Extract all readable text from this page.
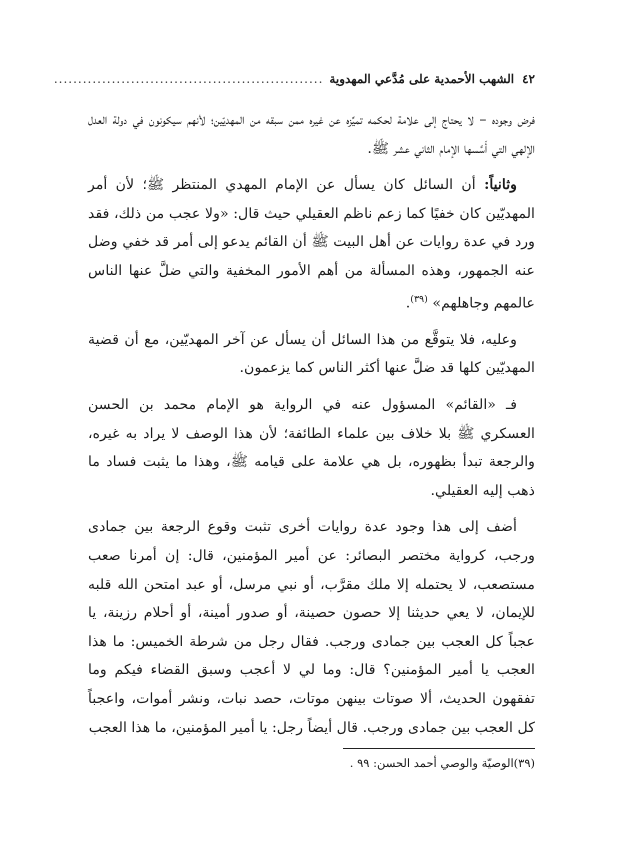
٤٢
الشهب الأحمدية على مُدَّعي المهدوية
........................................................

فرض وجوده – لا يحتاج إلى علامة لحكمه تميِّزه عن غيره ممن سبقه من المهديّين؛ لأنهم سيكونون في دولة العدل الإلهي التي أَسَّسها الإمام الثاني عشر ﷺ.

وثانياً: أن السائل كان يسأل عن الإمام المهدي المنتظر ﷺ؛ لأن أمر المهديّين كان خفيًا كما زعم ناظم العقيلي حيث قال: «ولا عجب من ذلك، فقد ورد في عدة روايات عن أهل البيت ﷺ أن القائم يدعو إلى أمر قد خفي وضل عنه الجمهور، وهذه المسألة من أهم الأمور المخفية والتي ضلَّ عنها الناس عالمهم وجاهلهم» $^{(٣٩)}$.

وعليه، فلا يتوقَّع من هذا السائل أن يسأل عن آخر المهديّين، مع أن قضية المهديّين كلها قد ضلَّ عنها أكثر الناس كما يزعمون.

فـ «القائم» المسؤول عنه في الرواية هو الإمام محمد بن الحسن العسكري ﷺ بلا خلاف بين علماء الطائفة؛ لأن هذا الوصف لا يراد به غيره، والرجعة تبدأ بظهوره، بل هي علامة على قيامه ﷺ، وهذا ما يثبت فساد ما ذهب إليه العقيلي.

أضف إلى هذا وجود عدة روايات أخرى تثبت وقوع الرجعة بين جمادى ورجب، كرواية مختصر البصائر: عن أمير المؤمنين، قال: إن أمرنا صعب مستصعب، لا يحتمله إلا ملك مقرَّب، أو نبي مرسل، أو عبد امتحن الله قلبه للإيمان، لا يعي حديثنا إلا حصون حصينة، أو صدور أمينة، أو أحلام رزينة، يا عجباً كل العجب بين جمادى ورجب. فقال رجل من شرطة الخميس: ما هذا العجب يا أمير المؤمنين؟ قال: وما لي لا أعجب وسبق القضاء فيكم وما تفقهون الحديث، ألا صوتات بينهن موتات، حصد نبات، ونشر أموات، واعجباً كل العجب بين جمادى ورجب. قال أيضاً رجل: يا أمير المؤمنين، ما هذا العجب

(٣٩)الوصيّة والوصي أحمد الحسن: ٩٩ .
